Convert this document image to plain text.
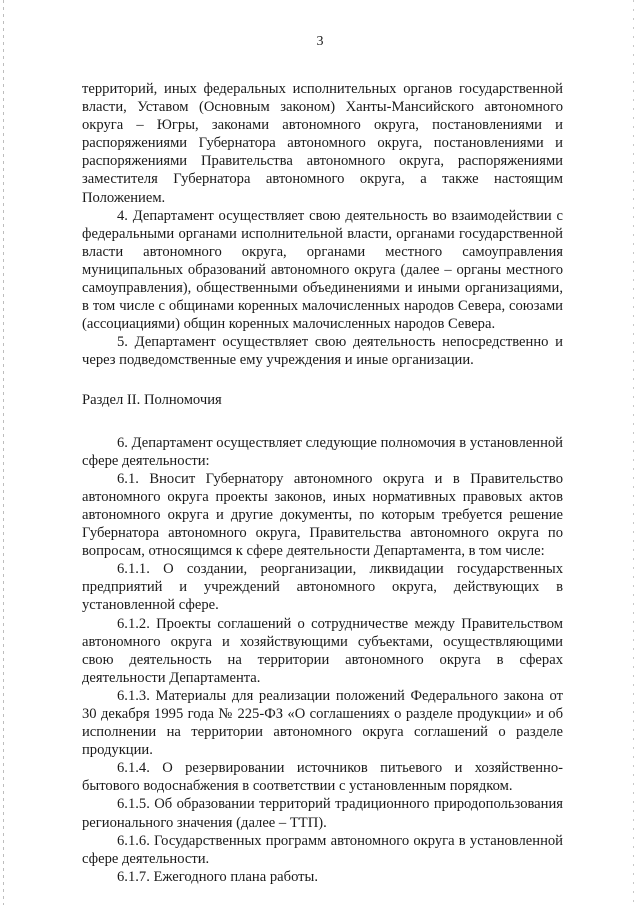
3

территорий, иных федеральных исполнительных органов государственной власти, Уставом (Основным законом) Ханты-Мансийского автономного округа – Югры, законами автономного округа, постановлениями и распоряжениями Губернатора автономного округа, постановлениями и распоряжениями Правительства автономного округа, распоряжениями заместителя Губернатора автономного округа, а также настоящим Положением.

4. Департамент осуществляет свою деятельность во взаимодействии с федеральными органами исполнительной власти, органами государственной власти автономного округа, органами местного самоуправления муниципальных образований автономного округа (далее – органы местного самоуправления), общественными объединениями и иными организациями, в том числе с общинами коренных малочисленных народов Севера, союзами (ассоциациями) общин коренных малочисленных народов Севера.

5. Департамент осуществляет свою деятельность непосредственно и через подведомственные ему учреждения и иные организации.

Раздел II. Полномочия

6. Департамент осуществляет следующие полномочия в установленной сфере деятельности:

6.1. Вносит Губернатору автономного округа и в Правительство автономного округа проекты законов, иных нормативных правовых актов автономного округа и другие документы, по которым требуется решение Губернатора автономного округа, Правительства автономного округа по вопросам, относящимся к сфере деятельности Департамента, в том числе:

6.1.1. О создании, реорганизации, ликвидации государственных предприятий и учреждений автономного округа, действующих в установленной сфере.

6.1.2. Проекты соглашений о сотрудничестве между Правительством автономного округа и хозяйствующими субъектами, осуществляющими свою деятельность на территории автономного округа в сферах деятельности Департамента.

6.1.3. Материалы для реализации положений Федерального закона от 30 декабря 1995 года № 225-ФЗ «О соглашениях о разделе продукции» и об исполнении на территории автономного округа соглашений о разделе продукции.

6.1.4. О резервировании источников питьевого и хозяйственно-бытового водоснабжения в соответствии с установленным порядком.

6.1.5. Об образовании территорий традиционного природопользования регионального значения (далее – ТТП).

6.1.6. Государственных программ автономного округа в установленной сфере деятельности.

6.1.7. Ежегодного плана работы.
